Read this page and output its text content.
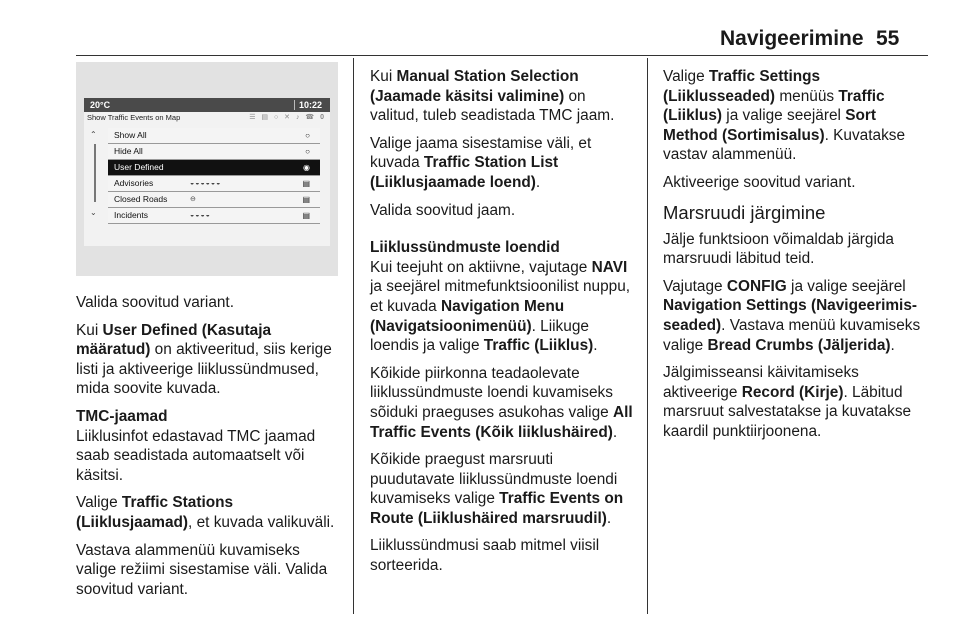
Navigeerimine 55
20°C	10:22
Show Traffic Events on Map	☰ ▤ ○ ✕ ♪ ☎ 0
⌃
⌄
Show All	○
Hide All	○
User Defined	◉
Advisories	◒◒◒◒◒◒	▤
Closed Roads	⊖	▤
Incidents	◒◒◒◒	▤

Valida soovitud variant.

Kui User Defined (Kasutaja määratud) on aktiveeritud, siis kerige listi ja aktiveerige liiklussündmused, mida soovite kuvada.

TMC-jaamad

Liiklusinfot edastavad TMC jaamad saab seadistada automaatselt või käsitsi.

Valige Traffic Stations (Liiklusjaamad), et kuvada valikuväli.

Vastava alammenüü kuvamiseks valige režiimi sisestamise väli. Valida soovitud variant.

Kui Manual Station Selection (Jaamade käsitsi valimine) on valitud, tuleb seadistada TMC jaam.

Valige jaama sisestamise väli, et kuvada Traffic Station List (Liiklusjaamade loend).

Valida soovitud jaam.

Liiklussündmuste loendid

Kui teejuht on aktiivne, vajutage NAVI ja seejärel mitmefunktsioonilist nuppu, et kuvada Navigation Menu (Navigatsioonimenüü). Liikuge loendis ja valige Traffic (Liiklus).

Kõikide piirkonna teadaolevate liiklussündmuste loendi kuvamiseks sõiduki praeguses asukohas valige All Traffic Events (Kõik liiklushäired).

Kõikide praegust marsruuti puudutavate liiklussündmuste loendi kuvamiseks valige Traffic Events on Route (Liiklushäired marsruudil).

Liiklussündmusi saab mitmel viisil sorteerida.

Valige Traffic Settings (Liiklusseaded) menüüs Traffic (Liiklus) ja valige seejärel Sort Method (Sortimisalus). Kuvatakse vastav alammenüü.

Aktiveerige soovitud variant.

Marsruudi järgimine

Jälje funktsioon võimaldab järgida marsruudi läbitud teid.

Vajutage CONFIG ja valige seejärel Navigation Settings (Navigeerimis-seaded). Vastava menüü kuvamiseks valige Bread Crumbs (Jäljerida).

Jälgimisseansi käivitamiseks aktiveerige Record (Kirje). Läbitud marsruut salvestatakse ja kuvatakse kaardil punktiirjoonena.
